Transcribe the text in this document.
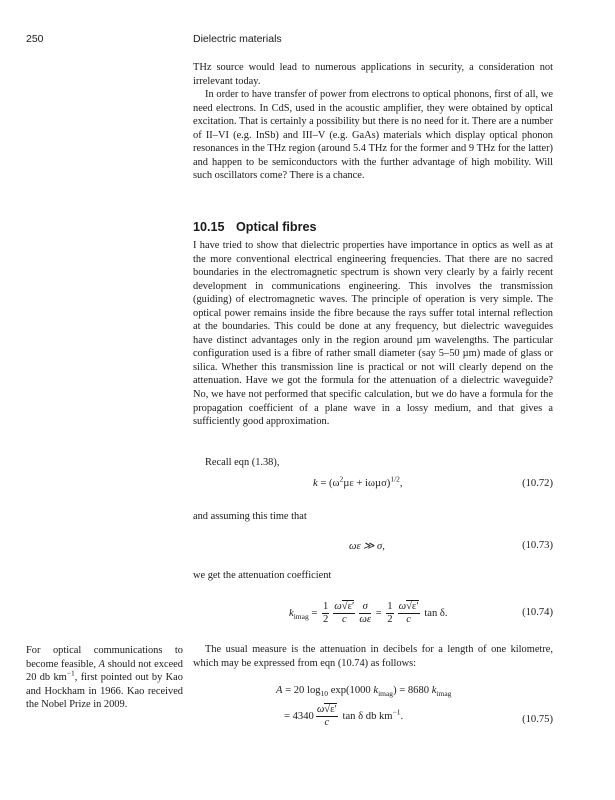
250	Dielectric materials

THz source would lead to numerous applications in security, a consideration not irrelevant today.

In order to have transfer of power from electrons to optical phonons, first of all, we need electrons. In CdS, used in the acoustic amplifier, they were obtained by optical excitation. That is certainly a possibility but there is no need for it. There are a number of II–VI (e.g. InSb) and III–V (e.g. GaAs) materials which display optical phonon resonances in the THz region (around 5.4 THz for the former and 9 THz for the latter) and happen to be semiconductors with the further advantage of high mobility. Will such oscillators come? There is a chance.

10.15 Optical fibres

I have tried to show that dielectric properties have importance in optics as well as at the more conventional electrical engineering frequencies. That there are no sacred boundaries in the electromagnetic spectrum is shown very clearly by a fairly recent development in communications engineering. This involves the transmission (guiding) of electromagnetic waves. The principle of operation is very simple. The optical power remains inside the fibre because the rays suffer total internal reflection at the boundaries. This could be done at any frequency, but dielectric waveguides have distinct advantages only in the region around µm wavelengths. The particular configuration used is a fibre of rather small diameter (say 5–50 µm) made of glass or silica. Whether this transmission line is practical or not will clearly depend on the attenuation. Have we got the formula for the attenuation of a dielectric waveguide? No, we have not performed that specific calculation, but we do have a formula for the propagation coefficient of a plane wave in a lossy medium, and that gives a sufficiently good approximation.

Recall eqn (1.38),

$k = (\omega^2\mu\varepsilon + i\omega\mu\sigma)^{1/2}$,	(10.72)

and assuming this time that

ωε ≫ σ,	(10.73)

we get the attenuation coefficient

$k_{imag} = \frac{1}{2} \frac{\omega√\varepsilon'}{c} \frac{\sigma}{\omega\varepsilon} = \frac{1}{2} \frac{\omega√\varepsilon'}{c}$ tan δ.	(10.74)

The usual measure is the attenuation in decibels for a length of one kilometre, which may be expressed from eqn (10.74) as follows:

A = 20 $\log_{10} \exp(1000$ $k_{imag}) = 8680$ $k_{imag}$
= $4340 \frac{\omega√\varepsilon'}{c}$ tan δ db $km^{-1}$.	(10.75)

For optical communications to become feasible, A should not exceed 20 db $km^{-1}$, first pointed out by Kao and Hockham in 1966. Kao received the Nobel Prize in 2009.
